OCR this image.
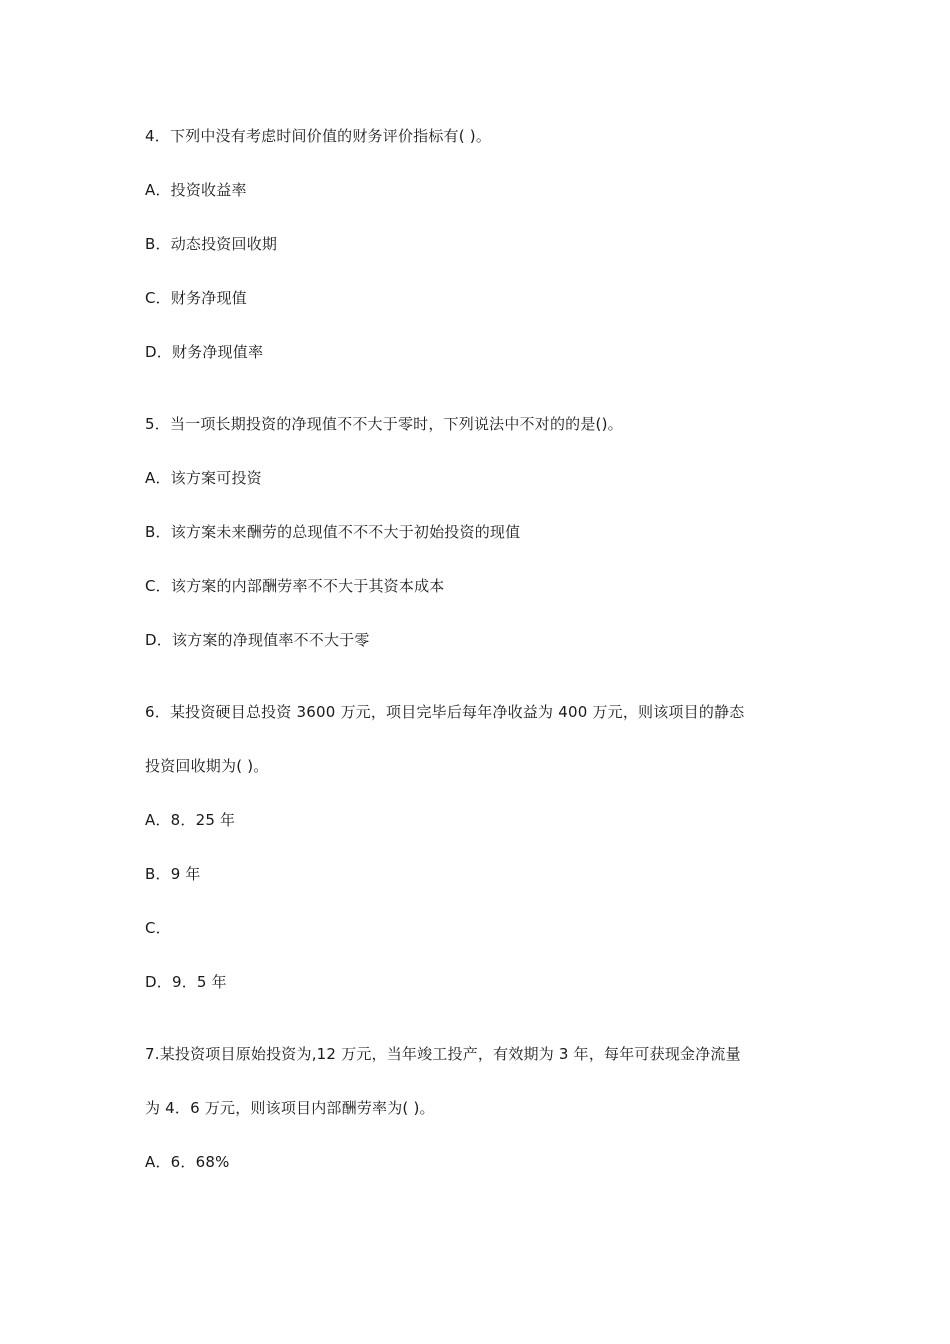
4．下列中没有考虑时间价值的财务评价指标有( )。
A．投资收益率
B．动态投资回收期
C．财务净现值
D．财务净现值率
5．当一项长期投资的净现值不不大于零时，下列说法中不对的的是()。
A．该方案可投资
B．该方案未来酬劳的总现值不不不大于初始投资的现值
C．该方案的内部酬劳率不不大于其资本成本
D．该方案的净现值率不不大于零
6．某投资硬目总投资 3600 万元，项目完毕后每年净收益为 400 万元，则该项目的静态
投资回收期为( )。
A．8．25 年
B．9 年
C．
D．9．5 年
7.某投资项目原始投资为,12 万元，当年竣工投产，有效期为 3 年，每年可获现金净流量
为 4．6 万元，则该项目内部酬劳率为( )。
A．6．68%
